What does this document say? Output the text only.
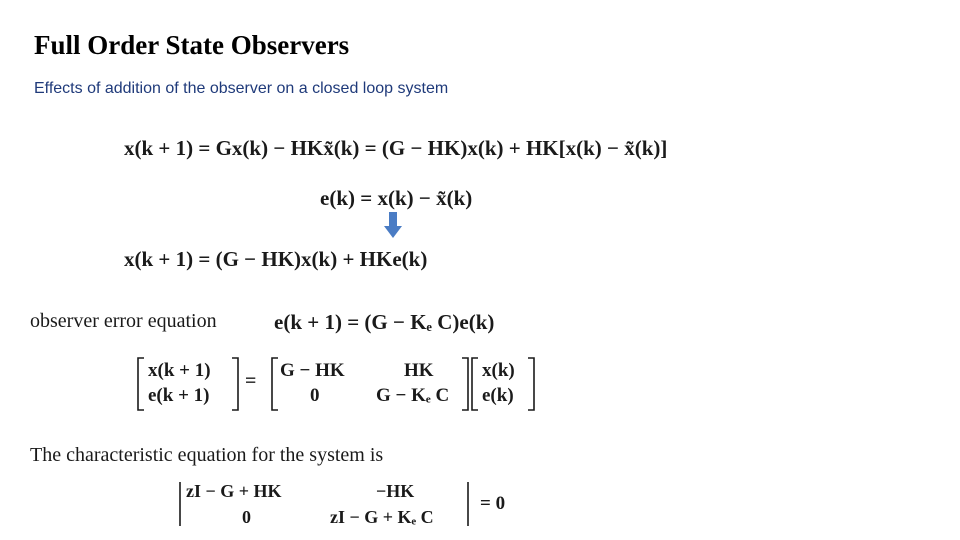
Full Order State Observers
Effects of addition of the observer on a closed loop system
x(k + 1) = Gx(k) − HKx̃(k) = (G − HK)x(k) + HK[x(k) − x̃(k)]
e(k) = x(k) − x̃(k)
x(k + 1) = (G − HK)x(k) + HKe(k)
observer error equation	e(k + 1) = (G − Kₑ C)e(k)
x(k + 1)
e(k + 1)
= G − HK	HK
0	G − Kₑ C
x(k)
e(k)
The characteristic equation for the system is
zI − G + HK	−HK
0	zI − G + Kₑ C
= 0
